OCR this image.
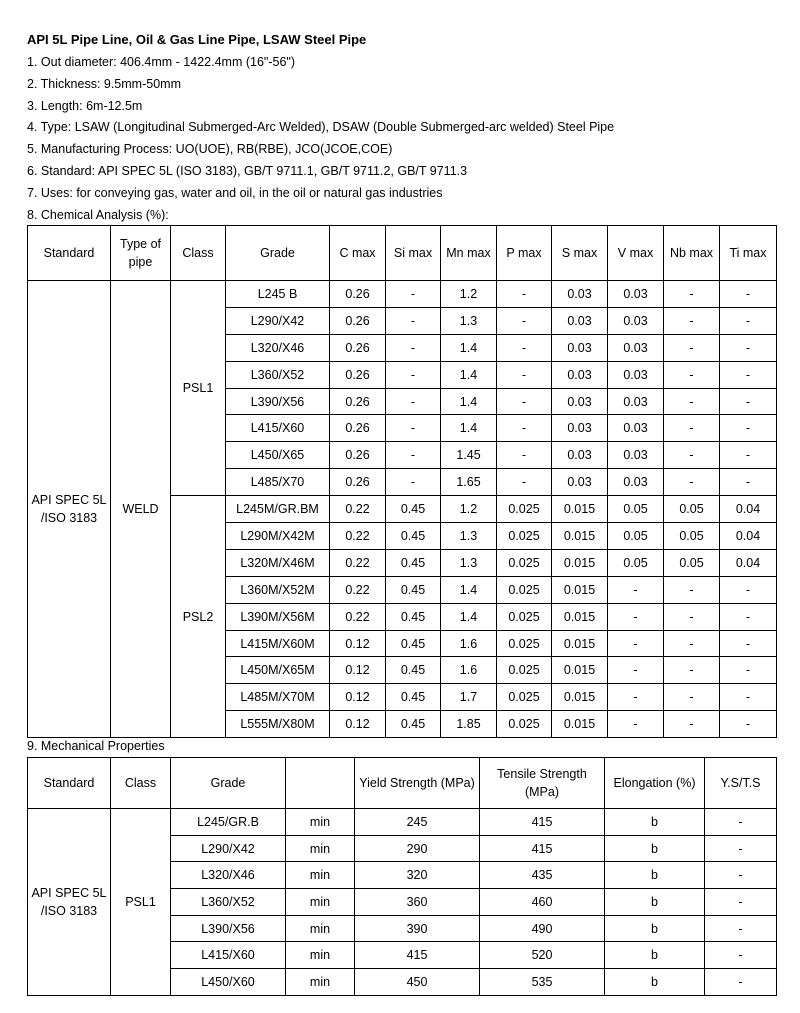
API 5L Pipe Line, Oil & Gas Line Pipe, LSAW Steel Pipe
1. Out diameter: 406.4mm - 1422.4mm (16"-56")
2. Thickness: 9.5mm-50mm
3. Length: 6m-12.5m
4. Type: LSAW (Longitudinal Submerged-Arc Welded), DSAW (Double Submerged-arc welded) Steel Pipe
5. Manufacturing Process: UO(UOE), RB(RBE), JCO(JCOE,COE)
6. Standard: API SPEC 5L (ISO 3183), GB/T 9711.1, GB/T 9711.2, GB/T 9711.3
7. Uses: for conveying gas, water and oil, in the oil or natural gas industries
8. Chemical Analysis (%):
Standard	Type of pipe	Class	Grade	C max	Si max	Mn max	P max	S max	V max	Nb max	Ti max
API SPEC 5L /ISO 3183	WELD	PSL1	L245 B	0.26	-	1.2	-	0.03	0.03	-	-
			L290/X42	0.26	-	1.3	-	0.03	0.03	-	-
			L320/X46	0.26	-	1.4	-	0.03	0.03	-	-
			L360/X52	0.26	-	1.4	-	0.03	0.03	-	-
			L390/X56	0.26	-	1.4	-	0.03	0.03	-	-
			L415/X60	0.26	-	1.4	-	0.03	0.03	-	-
			L450/X65	0.26	-	1.45	-	0.03	0.03	-	-
			L485/X70	0.26	-	1.65	-	0.03	0.03	-	-
		PSL2	L245M/GR.BM	0.22	0.45	1.2	0.025	0.015	0.05	0.05	0.04
			L290M/X42M	0.22	0.45	1.3	0.025	0.015	0.05	0.05	0.04
			L320M/X46M	0.22	0.45	1.3	0.025	0.015	0.05	0.05	0.04
			L360M/X52M	0.22	0.45	1.4	0.025	0.015	-	-	-
			L390M/X56M	0.22	0.45	1.4	0.025	0.015	-	-	-
			L415M/X60M	0.12	0.45	1.6	0.025	0.015	-	-	-
			L450M/X65M	0.12	0.45	1.6	0.025	0.015	-	-	-
			L485M/X70M	0.12	0.45	1.7	0.025	0.015	-	-	-
			L555M/X80M	0.12	0.45	1.85	0.025	0.015	-	-	-
9. Mechanical Properties
Standard	Class	Grade		Yield Strength (MPa)	Tensile Strength (MPa)	Elongation (%)	Y.S/T.S
API SPEC 5L /ISO 3183	PSL1	L245/GR.B	min	245	415	b	-
		L290/X42	min	290	415	b	-
		L320/X46	min	320	435	b	-
		L360/X52	min	360	460	b	-
		L390/X56	min	390	490	b	-
		L415/X60	min	415	520	b	-
		L450/X60	min	450	535	b	-
